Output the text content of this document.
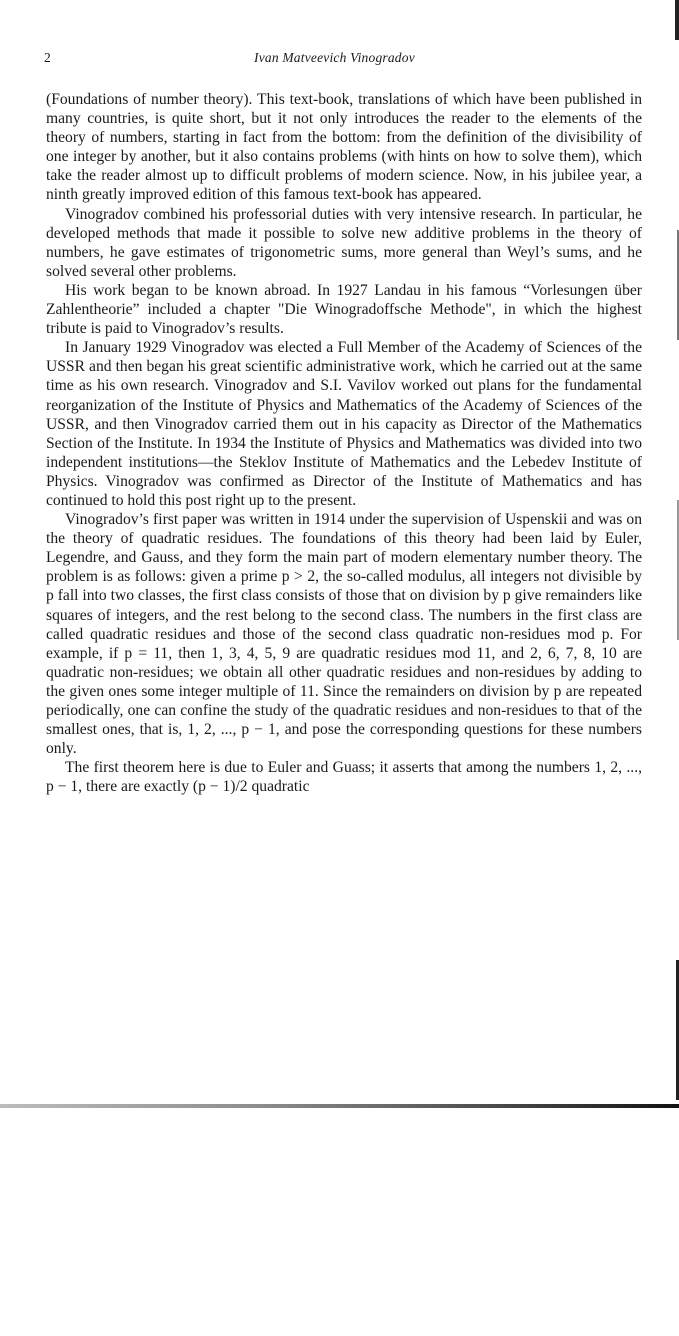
2	Ivan Matveevich Vinogradov

(Foundations of number theory). This text-book, translations of which have been published in many countries, is quite short, but it not only introduces the reader to the elements of the theory of numbers, starting in fact from the bottom: from the definition of the divisibility of one integer by another, but it also contains problems (with hints on how to solve them), which take the reader almost up to difficult problems of modern science. Now, in his jubilee year, a ninth greatly improved edition of this famous text-book has appeared.

Vinogradov combined his professorial duties with very intensive research. In particular, he developed methods that made it possible to solve new additive problems in the theory of numbers, he gave estimates of trigonometric sums, more general than Weyl’s sums, and he solved several other problems.

His work began to be known abroad. In 1927 Landau in his famous “Vorlesungen über Zahlentheorie” included a chapter "Die Winogradoffsche Methode", in which the highest tribute is paid to Vinogradov’s results.

In January 1929 Vinogradov was elected a Full Member of the Academy of Sciences of the USSR and then began his great scientific administrative work, which he carried out at the same time as his own research. Vinogradov and S.I. Vavilov worked out plans for the fundamental reorganization of the Institute of Physics and Mathematics of the Academy of Sciences of the USSR, and then Vinogradov carried them out in his capacity as Director of the Mathematics Section of the Institute. In 1934 the Institute of Physics and Mathematics was divided into two independent institutions—the Steklov Institute of Mathematics and the Lebedev Institute of Physics. Vinogradov was confirmed as Director of the Institute of Mathematics and has continued to hold this post right up to the present.

Vinogradov’s first paper was written in 1914 under the supervision of Uspenskii and was on the theory of quadratic residues. The foundations of this theory had been laid by Euler, Legendre, and Gauss, and they form the main part of modern elementary number theory. The problem is as follows: given a prime p > 2, the so-called modulus, all integers not divisible by p fall into two classes, the first class consists of those that on division by p give remainders like squares of integers, and the rest belong to the second class. The numbers in the first class are called quadratic residues and those of the second class quadratic non-residues mod p. For example, if p = 11, then 1, 3, 4, 5, 9 are quadratic residues mod 11, and 2, 6, 7, 8, 10 are quadratic non-residues; we obtain all other quadratic residues and non-residues by adding to the given ones some integer multiple of 11. Since the remainders on division by p are repeated periodically, one can confine the study of the quadratic residues and non-residues to that of the smallest ones, that is, 1, 2, ..., p − 1, and pose the corresponding questions for these numbers only.

The first theorem here is due to Euler and Guass; it asserts that among the numbers 1, 2, ..., p − 1, there are exactly (p − 1)/2 quadratic
